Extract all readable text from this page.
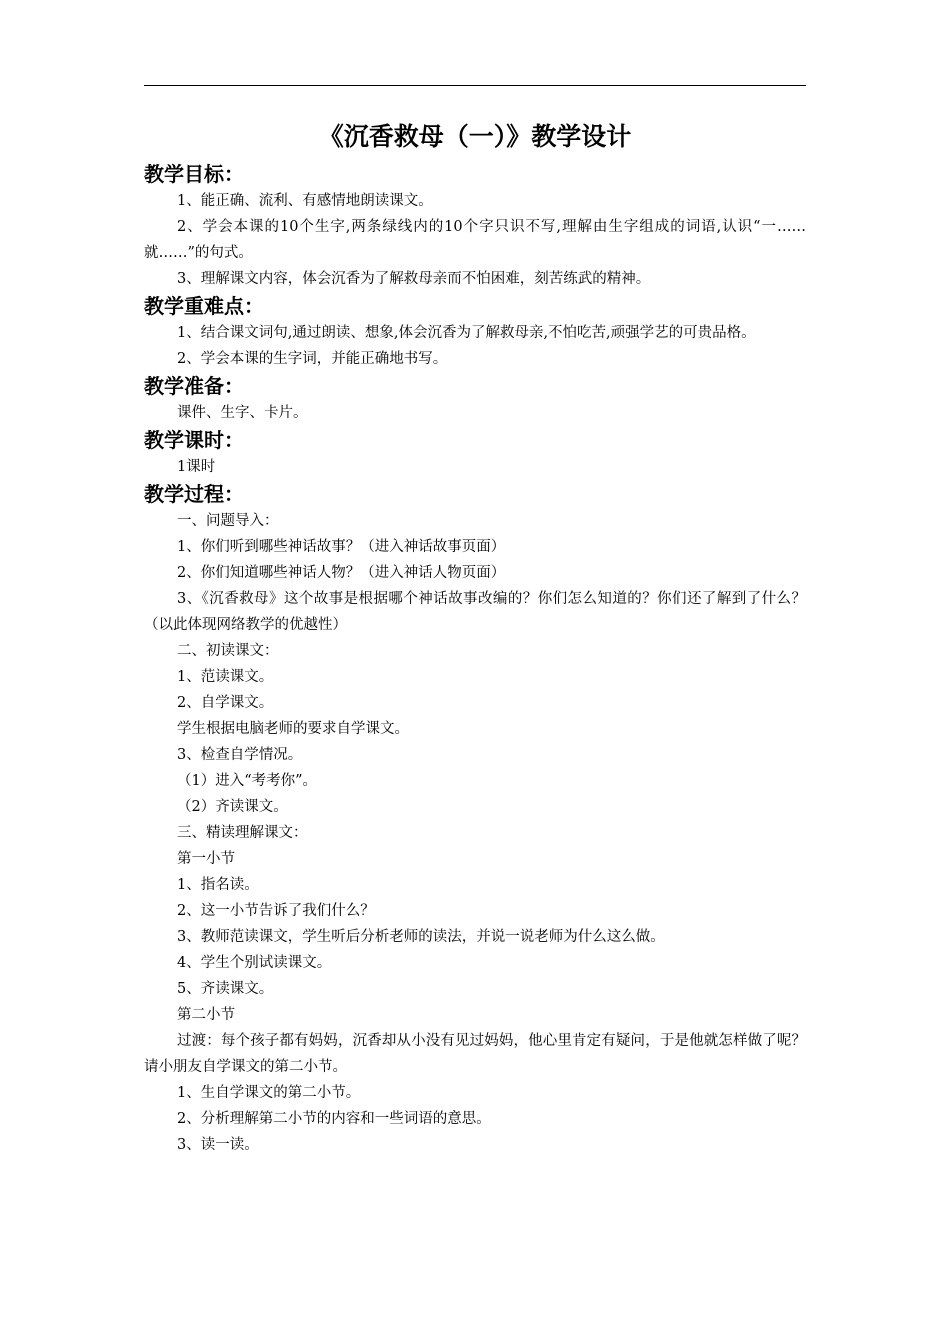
《沉香救母（一）》教学设计
教学目标：
1、能正确、流利、有感情地朗读课文。
2、学会本课的10个生字,两条绿线内的10个字只识不写,理解由生字组成的词语,认识“一……就……”的句式。
3、理解课文内容，体会沉香为了解救母亲而不怕困难，刻苦练武的精神。
教学重难点：
1、结合课文词句,通过朗读、想象,体会沉香为了解救母亲,不怕吃苦,顽强学艺的可贵品格。
2、学会本课的生字词，并能正确地书写。
教学准备：
课件、生字、卡片。
教学课时：
1课时
教学过程：
一、问题导入：
1、你们听到哪些神话故事？（进入神话故事页面）
2、你们知道哪些神话人物？（进入神话人物页面）
3、《沉香救母》这个故事是根据哪个神话故事改编的？你们怎么知道的？你们还了解到了什么？（以此体现网络教学的优越性）
二、初读课文：
1、范读课文。
2、自学课文。
学生根据电脑老师的要求自学课文。
3、检查自学情况。
（1）进入“考考你”。
（2）齐读课文。
三、精读理解课文：
第一小节
1、指名读。
2、这一小节告诉了我们什么？
3、教师范读课文，学生听后分析老师的读法，并说一说老师为什么这么做。
4、学生个别试读课文。
5、齐读课文。
第二小节
过渡：每个孩子都有妈妈，沉香却从小没有见过妈妈，他心里肯定有疑问，于是他就怎样做了呢？请小朋友自学课文的第二小节。
1、生自学课文的第二小节。
2、分析理解第二小节的内容和一些词语的意思。
3、读一读。
